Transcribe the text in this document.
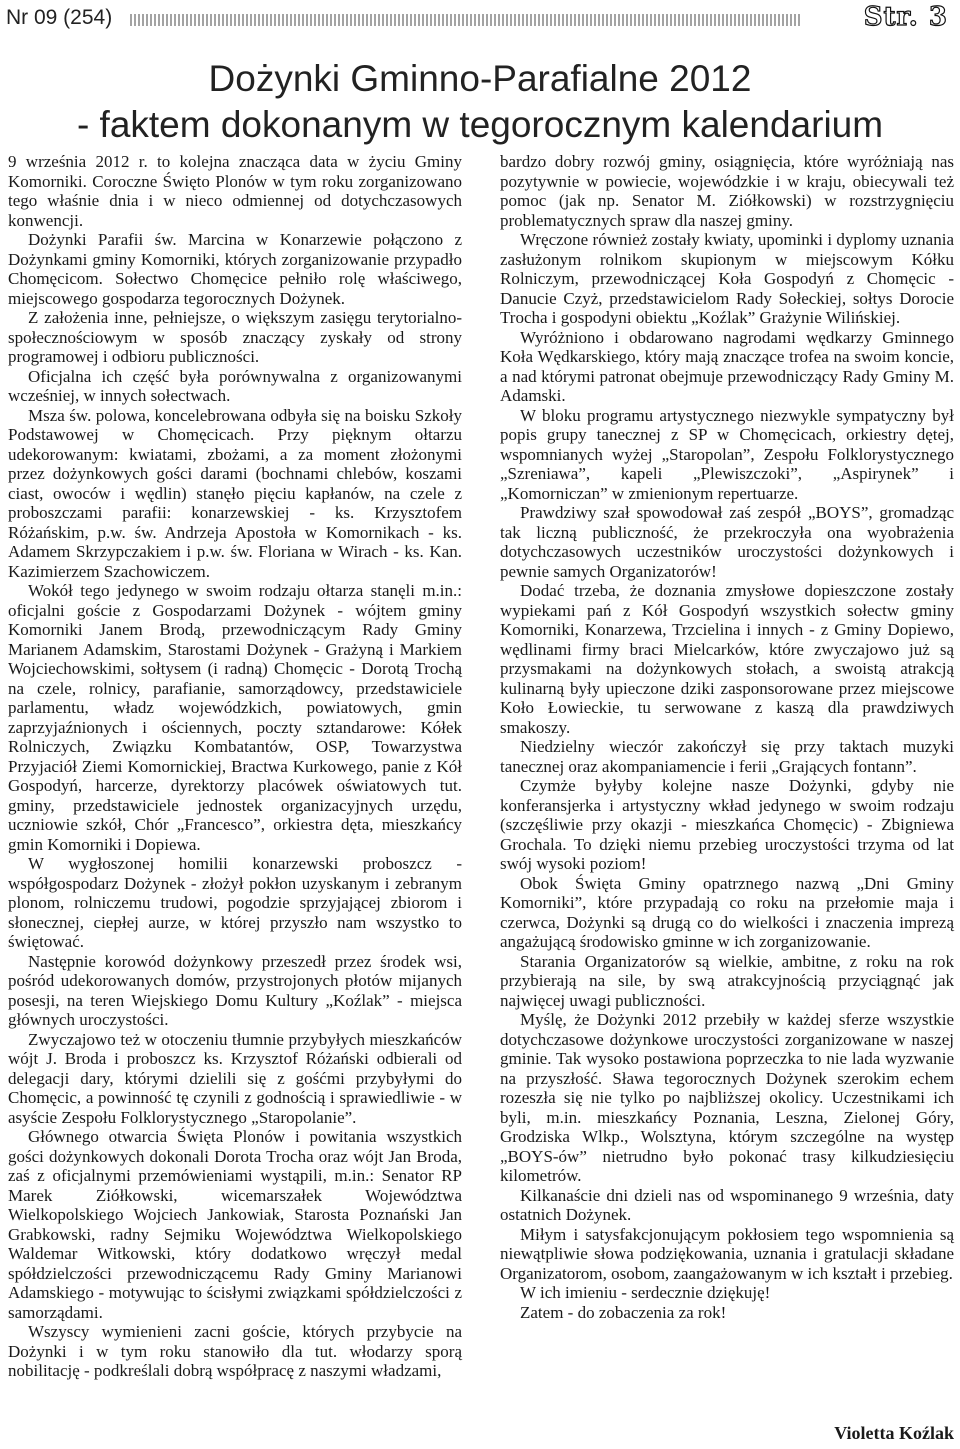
Nr 09 (254)	Str. 3
Dożynki Gminno-Parafialne 2012
- faktem dokonanym w tegorocznym kalendarium

9 września 2012 r. to kolejna znacząca data w życiu Gminy Komorniki. Coroczne Święto Plonów w tym roku zorganizowano tego właśnie dnia i w nieco odmiennej od dotychczasowych konwencji.

Dożynki Parafii św. Marcina w Konarzewie połączono z Dożynkami gminy Komorniki, których zorganizowanie przypadło Chomęcicom. Sołectwo Chomęcice pełniło rolę właściwego, miejscowego gospodarza tegorocznych Dożynek.

Z założenia inne, pełniejsze, o większym zasięgu terytorialno-społecznościowym w sposób znaczący zyskały od strony programowej i odbioru publiczności.

Oficjalna ich część była porównywalna z organizowanymi wcześniej, w innych sołectwach.

Msza św. polowa, koncelebrowana odbyła się na boisku Szkoły Podstawowej w Chomęcicach. Przy pięknym ołtarzu udekorowanym: kwiatami, zbożami, a za moment złożonymi przez dożynkowych gości darami (bochnami chlebów, koszami ciast, owoców i wędlin) stanęło pięciu kapłanów, na czele z proboszczami parafii: konarzewskiej - ks. Krzysztofem Różańskim, p.w. św. Andrzeja Apostoła w Komornikach - ks. Adamem Skrzypczakiem i p.w. św. Floriana w Wirach - ks. Kan. Kazimierzem Szachowiczem.

Wokół tego jedynego w swoim rodzaju ołtarza stanęli m.in.: oficjalni goście z Gospodarzami Dożynek - wójtem gminy Komorniki Janem Brodą, przewodniczącym Rady Gminy Marianem Adamskim, Starostami Dożynek - Grażyną i Markiem Wojciechowskimi, sołtysem (i radną) Chomęcic - Dorotą Trochą na czele, rolnicy, parafianie, samorządowcy, przedstawiciele parlamentu, władz wojewódzkich, powiatowych, gmin zaprzyjaźnionych i ościennych, poczty sztandarowe: Kółek Rolniczych, Związku Kombatantów, OSP, Towarzystwa Przyjaciół Ziemi Komornickiej, Bractwa Kurkowego, panie z Kół Gospodyń, harcerze, dyrektorzy placówek oświatowych tut. gminy, przedstawiciele jednostek organizacyjnych urzędu, uczniowie szkół, Chór „Francesco”, orkiestra dęta, mieszkańcy gmin Komorniki i Dopiewa.

W wygłoszonej homilii konarzewski proboszcz - współgospodarz Dożynek - złożył pokłon uzyskanym i zebranym plonom, rolniczemu trudowi, pogodzie sprzyjającej zbiorom i słonecznej, ciepłej aurze, w której przyszło nam wszystko to świętować.

Następnie korowód dożynkowy przeszedł przez środek wsi, pośród udekorowanych domów, przystrojonych płotów mijanych posesji, na teren Wiejskiego Domu Kultury „Koźlak” - miejsca głównych uroczystości.

Zwyczajowo też w otoczeniu tłumnie przybyłych mieszkańców wójt J. Broda i proboszcz ks. Krzysztof Różański odbierali od delegacji dary, którymi dzielili się z gośćmi przybyłymi do Chomęcic, a powinność tę czynili z godnością i sprawiedliwie - w asyście Zespołu Folklorystycznego „Staropolanie”.

Głównego otwarcia Święta Plonów i powitania wszystkich gości dożynkowych dokonali Dorota Trocha oraz wójt Jan Broda, zaś z oficjalnymi przemówieniami wystąpili, m.in.: Senator RP Marek Ziółkowski, wicemarszałek Województwa Wielkopolskiego Wojciech Jankowiak, Starosta Poznański Jan Grabkowski, radny Sejmiku Województwa Wielkopolskiego Waldemar Witkowski, który dodatkowo wręczył medal spółdzielczości przewodniczącemu Rady Gminy Marianowi Adamskiego - motywując to ścisłymi związkami spółdzielczości z samorządami.

Wszyscy wymienieni zacni goście, których przybycie na Dożynki i w tym roku stanowiło dla tut. włodarzy sporą nobilitację - podkreślali dobrą współpracę z naszymi władzami,

bardzo dobry rozwój gminy, osiągnięcia, które wyróżniają nas pozytywnie w powiecie, wojewódzkie i w kraju, obiecywali też pomoc (jak np. Senator M. Ziółkowski) w rozstrzygnięciu problematycznych spraw dla naszej gminy.

Wręczone również zostały kwiaty, upominki i dyplomy uznania zasłużonym rolnikom skupionym w miejscowym Kółku Rolniczym, przewodniczącej Koła Gospodyń z Chomęcic - Danucie Czyż, przedstawicielom Rady Sołeckiej, sołtys Dorocie Trocha i gospodyni obiektu „Koźlak” Grażynie Wilińskiej.

Wyróżniono i obdarowano nagrodami wędkarzy Gminnego Koła Wędkarskiego, który mają znaczące trofea na swoim koncie, a nad którymi patronat obejmuje przewodniczący Rady Gminy M. Adamski.

W bloku programu artystycznego niezwykle sympatyczny był popis grupy tanecznej z SP w Chomęcicach, orkiestry dętej, wspomnianych wyżej „Staropolan”, Zespołu Folklorystycznego „Szreniawa”, kapeli „Plewiszczoki”, „Aspirynek” i „Komorniczan” w zmienionym repertuarze.

Prawdziwy szał spowodował zaś zespół „BOYS”, gromadząc tak liczną publiczność, że przekroczyła ona wyobrażenia dotychczasowych uczestników uroczystości dożynkowych i pewnie samych Organizatorów!

Dodać trzeba, że doznania zmysłowe dopieszczone zostały wypiekami pań z Kół Gospodyń wszystkich sołectw gminy Komorniki, Konarzewa, Trzcielina i innych - z Gminy Dopiewo, wędlinami firmy braci Mielcarków, które zwyczajowo już są przysmakami na dożynkowych stołach, a swoistą atrakcją kulinarną były upieczone dziki zasponsorowane przez miejscowe Koło Łowieckie, tu serwowane z kaszą dla prawdziwych smakoszy.

Niedzielny wieczór zakończył się przy taktach muzyki tanecznej oraz akompaniamencie i ferii „Grających fontann”.

Czymże byłyby kolejne nasze Dożynki, gdyby nie konferansjerka i artystyczny wkład jedynego w swoim rodzaju (szczęśliwie przy okazji - mieszkańca Chomęcic) - Zbigniewa Grochala. To dzięki niemu przebieg uroczystości trzyma od lat swój wysoki poziom!

Obok Święta Gminy opatrznego nazwą „Dni Gminy Komorniki”, które przypadają co roku na przełomie maja i czerwca, Dożynki są drugą co do wielkości i znaczenia imprezą angażującą środowisko gminne w ich zorganizowanie.

Starania Organizatorów są wielkie, ambitne, z roku na rok przybierają na sile, by swą atrakcyjnością przyciągnąć jak najwięcej uwagi publiczności.

Myślę, że Dożynki 2012 przebiły w każdej sferze wszystkie dotychczasowe dożynkowe uroczystości zorganizowane w naszej gminie. Tak wysoko postawiona poprzeczka to nie lada wyzwanie na przyszłość. Sława tegorocznych Dożynek szerokim echem rozeszła się nie tylko po najbliższej okolicy. Uczestnikami ich byli, m.in. mieszkańcy Poznania, Leszna, Zielonej Góry, Grodziska Wlkp., Wolsztyna, którym szczególne na występ „BOYS-ów” nietrudno było pokonać trasy kilkudziesięciu kilometrów.

Kilkanaście dni dzieli nas od wspominanego 9 września, daty ostatnich Dożynek.

Miłym i satysfakcjonującym pokłosiem tego wspomnienia są niewątpliwie słowa podziękowania, uznania i gratulacji składane Organizatorom, osobom, zaangażowanym w ich kształt i przebieg.

W ich imieniu - serdecznie dziękuję!

Zatem - do zobaczenia za rok!

Violetta Koźlak
